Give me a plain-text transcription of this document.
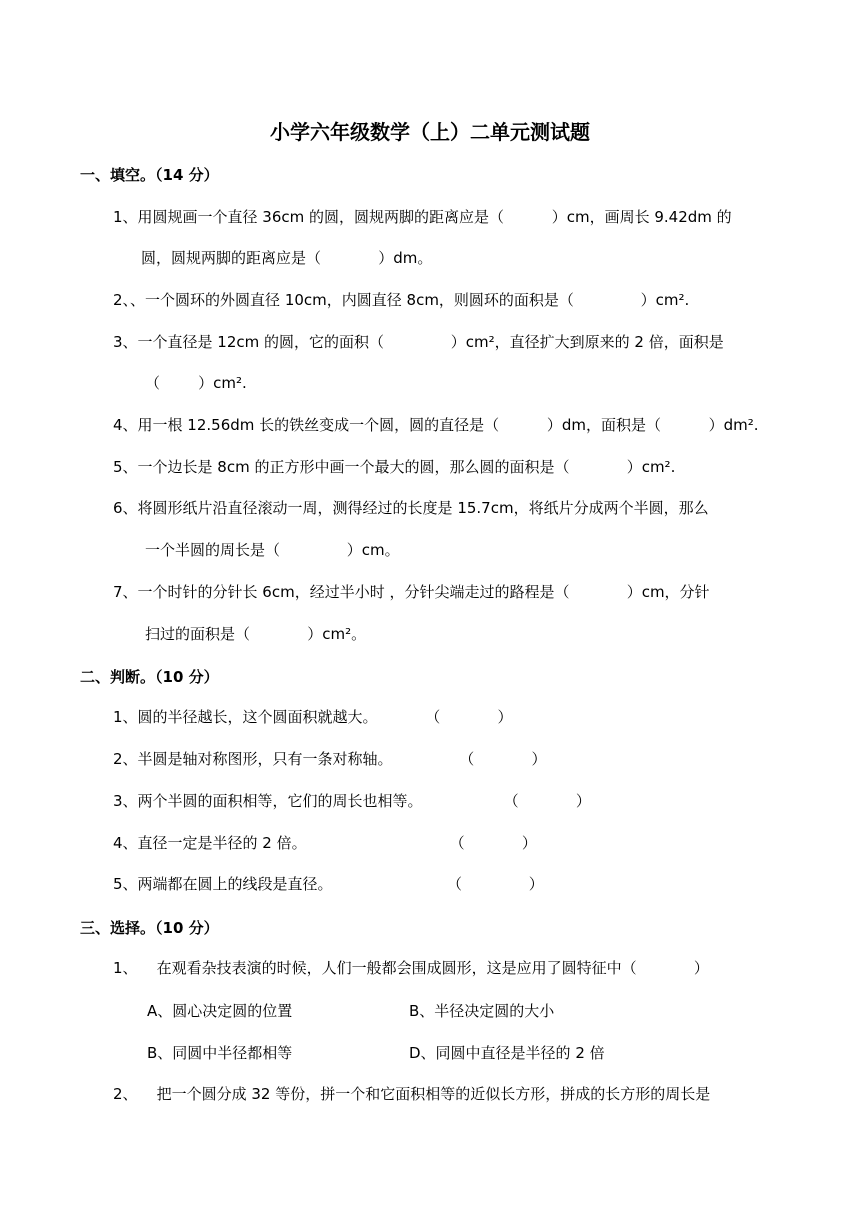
小学六年级数学（上）二单元测试题
一、填空。（14 分）
1、用圆规画一个直径 36cm 的圆，圆规两脚的距离应是（          ）cm，画周长 9.42dm 的
圆，圆规两脚的距离应是（            ）dm。
2、、一个圆环的外圆直径 10cm，内圆直径 8cm，则圆环的面积是（              ）cm².
3、一个直径是 12cm 的圆，它的面积（              ）cm²，直径扩大到原来的 2 倍，面积是
（        ）cm².
4、用一根 12.56dm 长的铁丝变成一个圆，圆的直径是（          ）dm，面积是（          ）dm².
5、一个边长是 8cm 的正方形中画一个最大的圆，那么圆的面积是（            ）cm².
6、将圆形纸片沿直径滚动一周，测得经过的长度是 15.7cm，将纸片分成两个半圆，那么
一个半圆的周长是（              ）cm。
7、一个时针的分针长 6cm，经过半小时 ，分针尖端走过的路程是（            ）cm，分针
扫过的面积是（            ）cm²。
二、判断。（10 分）
1、圆的半径越长，这个圆面积就越大。          （            ）
2、半圆是轴对称图形，只有一条对称轴。              （            ）
3、两个半圆的面积相等，它们的周长也相等。                 （            ）
4、直径一定是半径的 2 倍。                              （            ）
5、两端都在圆上的线段是直径。                        （              ）
三、选择。（10 分）
1、    在观看杂技表演的时候，人们一般都会围成圆形，这是应用了圆特征中（            ）
A、圆心决定圆的位置	B、半径决定圆的大小
B、同圆中半径都相等	D、同圆中直径是半径的 2 倍
2、    把一个圆分成 32 等份，拼一个和它面积相等的近似长方形，拼成的长方形的周长是
